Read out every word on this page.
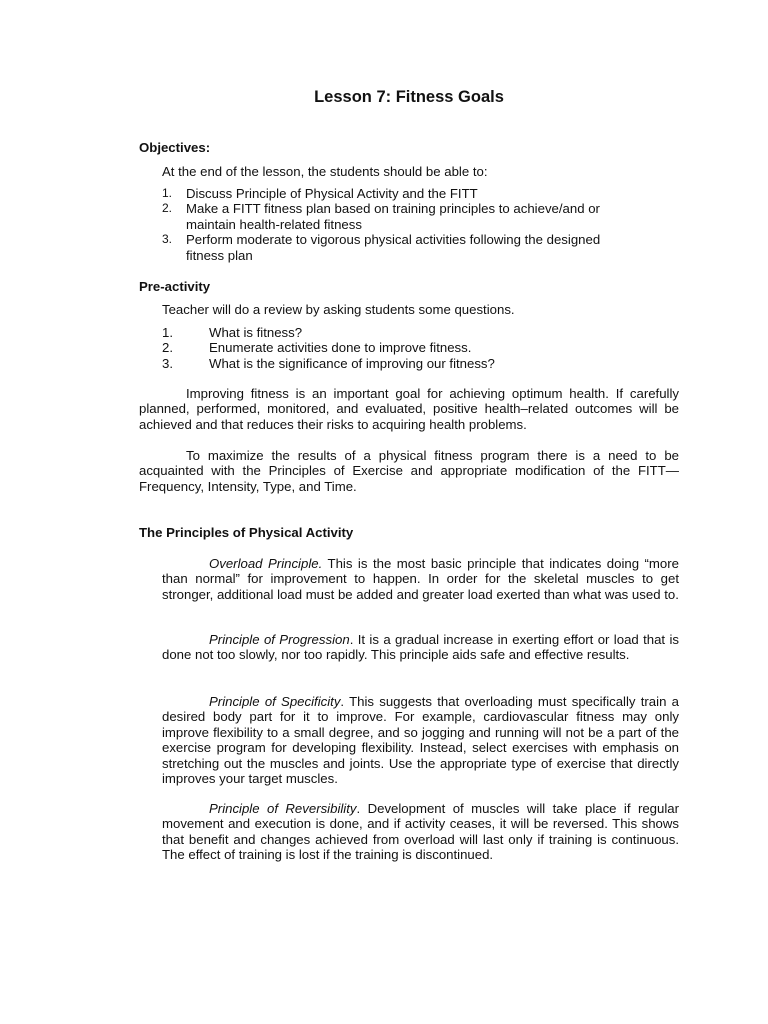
Lesson 7: Fitness Goals
Objectives:
At the end of the lesson, the students should be able to:
1. Discuss Principle of Physical Activity and the FITT
2. Make a FITT fitness plan based on training principles to achieve/and or maintain health-related fitness
3. Perform moderate to vigorous physical activities following the designed fitness plan
Pre-activity
Teacher will do a review by asking students some questions.
1.	What is fitness?
2.	Enumerate activities done to improve fitness.
3.	What is the significance of improving our fitness?

Improving fitness is an important goal for achieving optimum health. If carefully planned, performed, monitored, and evaluated, positive health–related outcomes will be achieved and that reduces their risks to acquiring health problems.

To maximize the results of a physical fitness program there is a need to be acquainted with the Principles of Exercise and appropriate modification of the FITT—Frequency, Intensity, Type, and Time.

The Principles of Physical Activity

Overload Principle. This is the most basic principle that indicates doing “more than normal” for improvement to happen. In order for the skeletal muscles to get stronger, additional load must be added and greater load exerted than what was used to.

Principle of Progression. It is a gradual increase in exerting effort or load that is done not too slowly, nor too rapidly. This principle aids safe and effective results.

Principle of Specificity. This suggests that overloading must specifically train a desired body part for it to improve. For example, cardiovascular fitness may only improve flexibility to a small degree, and so jogging and running will not be a part of the exercise program for developing flexibility. Instead, select exercises with emphasis on stretching out the muscles and joints. Use the appropriate type of exercise that directly improves your target muscles.

Principle of Reversibility. Development of muscles will take place if regular movement and execution is done, and if activity ceases, it will be reversed. This shows that benefit and changes achieved from overload will last only if training is continuous. The effect of training is lost if the training is discontinued.
